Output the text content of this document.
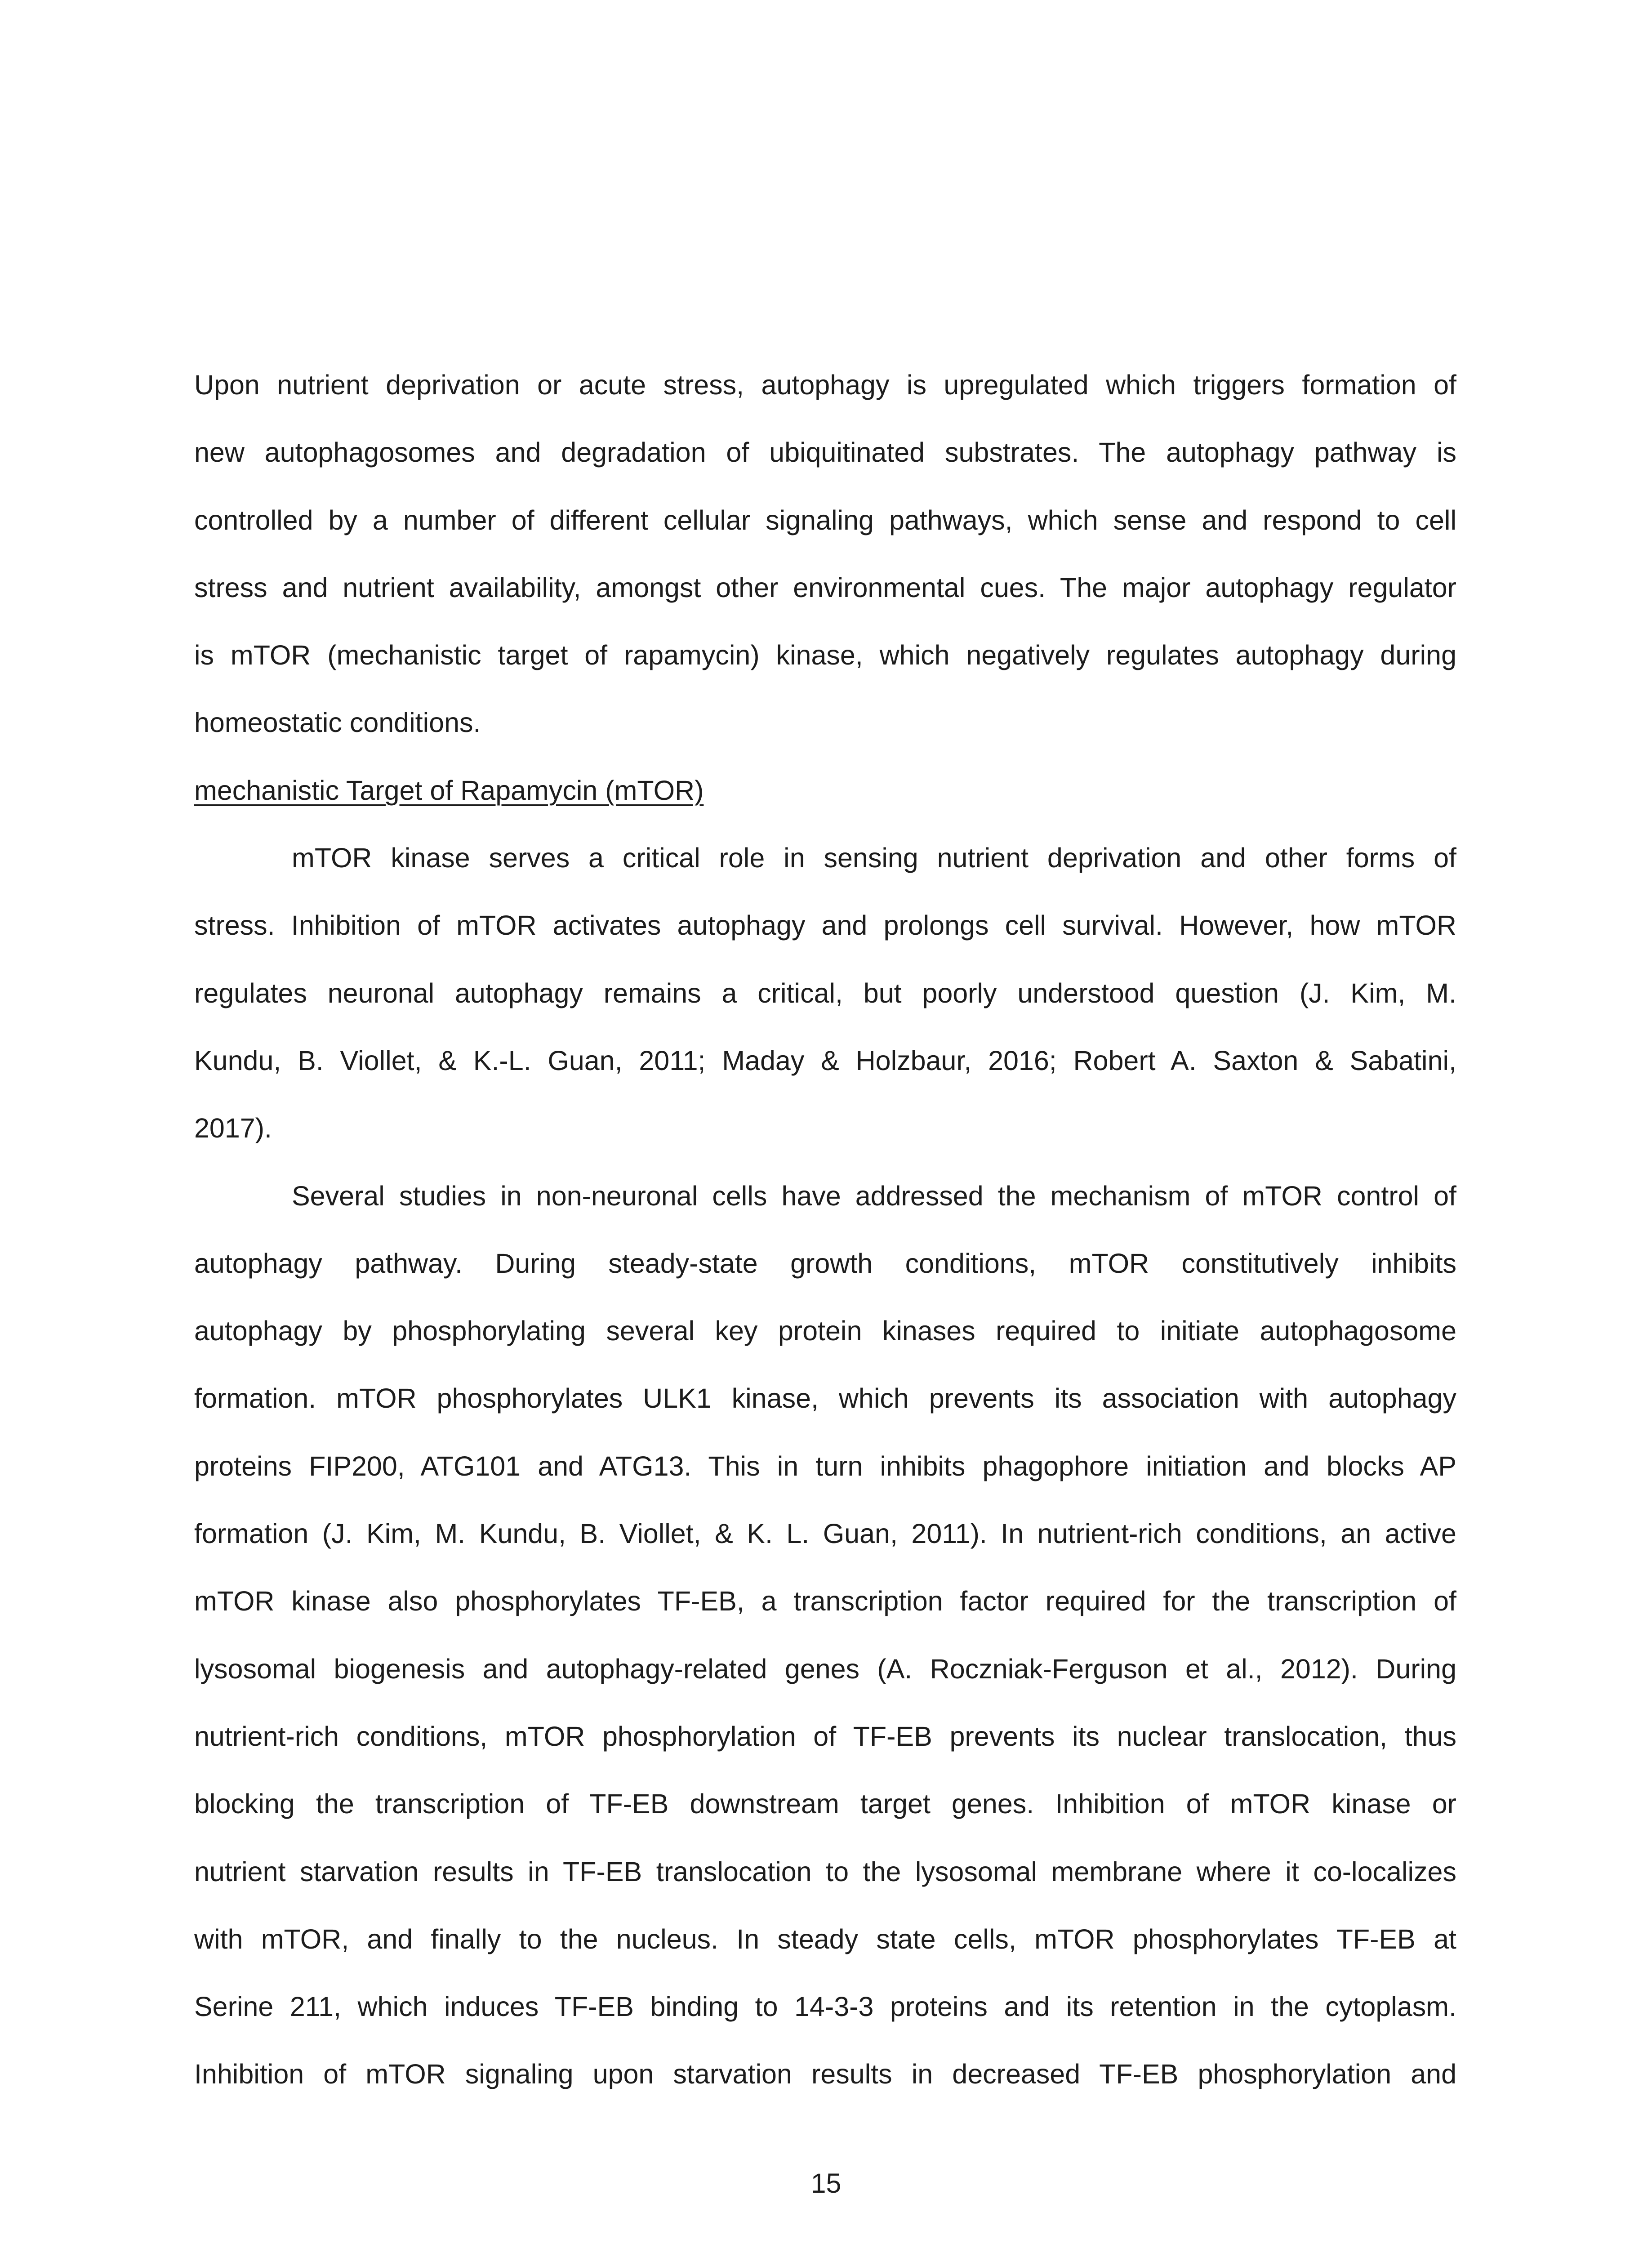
Upon nutrient deprivation or acute stress, autophagy is upregulated which triggers formation of
new autophagosomes and degradation of ubiquitinated substrates. The autophagy pathway is
controlled by a number of different cellular signaling pathways, which sense and respond to cell
stress and nutrient availability, amongst other environmental cues. The major autophagy regulator
is mTOR (mechanistic target of rapamycin) kinase, which negatively regulates autophagy during
homeostatic conditions.
mechanistic Target of Rapamycin (mTOR)
mTOR kinase serves a critical role in sensing nutrient deprivation and other forms of
stress. Inhibition of mTOR activates autophagy and prolongs cell survival. However, how mTOR
regulates neuronal autophagy remains a critical, but poorly understood question (J. Kim, M.
Kundu, B. Viollet, & K.-L. Guan, 2011; Maday & Holzbaur, 2016; Robert A. Saxton & Sabatini,
2017).
Several studies in non-neuronal cells have addressed the mechanism of mTOR control of
autophagy pathway. During steady-state growth conditions, mTOR constitutively inhibits
autophagy by phosphorylating several key protein kinases required to initiate autophagosome
formation. mTOR phosphorylates ULK1 kinase, which prevents its association with autophagy
proteins FIP200, ATG101 and ATG13. This in turn inhibits phagophore initiation and blocks AP
formation (J. Kim, M. Kundu, B. Viollet, & K. L. Guan, 2011). In nutrient-rich conditions, an active
mTOR kinase also phosphorylates TF-EB, a transcription factor required for the transcription of
lysosomal biogenesis and autophagy-related genes (A. Roczniak-Ferguson et al., 2012). During
nutrient-rich conditions, mTOR phosphorylation of TF-EB prevents its nuclear translocation, thus
blocking the transcription of TF-EB downstream target genes. Inhibition of mTOR kinase or
nutrient starvation results in TF-EB translocation to the lysosomal membrane where it co-localizes
with mTOR, and finally to the nucleus. In steady state cells, mTOR phosphorylates TF-EB at
Serine 211, which induces TF-EB binding to 14-3-3 proteins and its retention in the cytoplasm.
Inhibition of mTOR signaling upon starvation results in decreased TF-EB phosphorylation and
15
